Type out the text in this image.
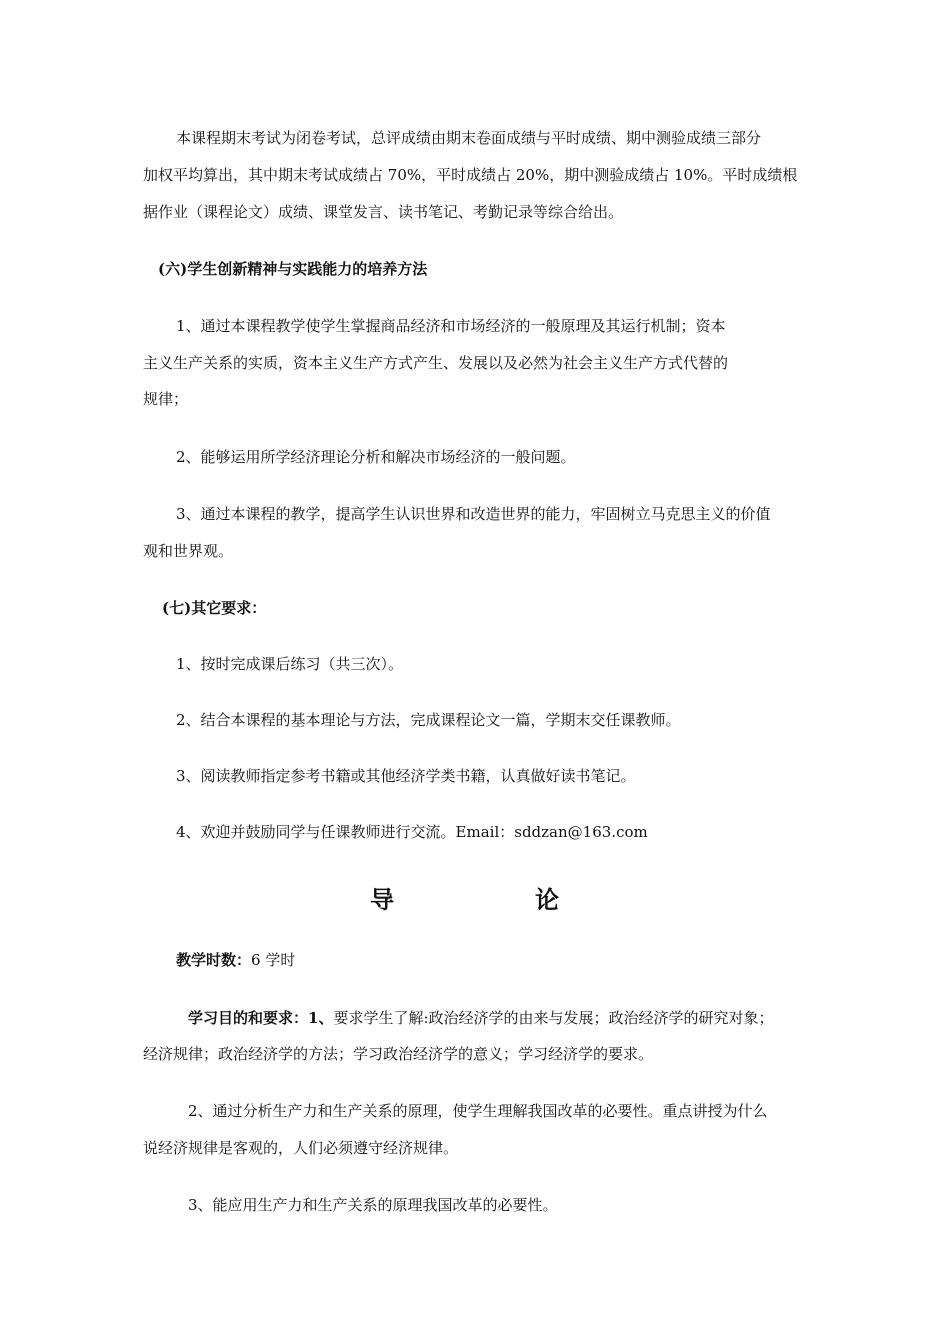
本课程期末考试为闭卷考试，总评成绩由期末卷面成绩与平时成绩、期中测验成绩三部分
加权平均算出，其中期末考试成绩占 70%，平时成绩占 20%，期中测验成绩占 10%。平时成绩根
据作业（课程论文）成绩、课堂发言、读书笔记、考勤记录等综合给出。
(六)学生创新精神与实践能力的培养方法
1、通过本课程教学使学生掌握商品经济和市场经济的一般原理及其运行机制；资本
主义生产关系的实质，资本主义生产方式产生、发展以及必然为社会主义生产方式代替的
规律；
2、能够运用所学经济理论分析和解决市场经济的一般问题。
3、通过本课程的教学，提高学生认识世界和改造世界的能力，牢固树立马克思主义的价值
观和世界观。
(七)其它要求：
1、按时完成课后练习（共三次）。
2、结合本课程的基本理论与方法，完成课程论文一篇，学期末交任课教师。
3、阅读教师指定参考书籍或其他经济学类书籍，认真做好读书笔记。
4、欢迎并鼓励同学与任课教师进行交流。Email：sddzan@163.com
导	论
教学时数：6 学时
学习目的和要求：1、要求学生了解:政治经济学的由来与发展；政治经济学的研究对象；
经济规律；政治经济学的方法；学习政治经济学的意义；学习经济学的要求。
2、通过分析生产力和生产关系的原理，使学生理解我国改革的必要性。重点讲授为什么
说经济规律是客观的，人们必须遵守经济规律。
3、能应用生产力和生产关系的原理我国改革的必要性。
